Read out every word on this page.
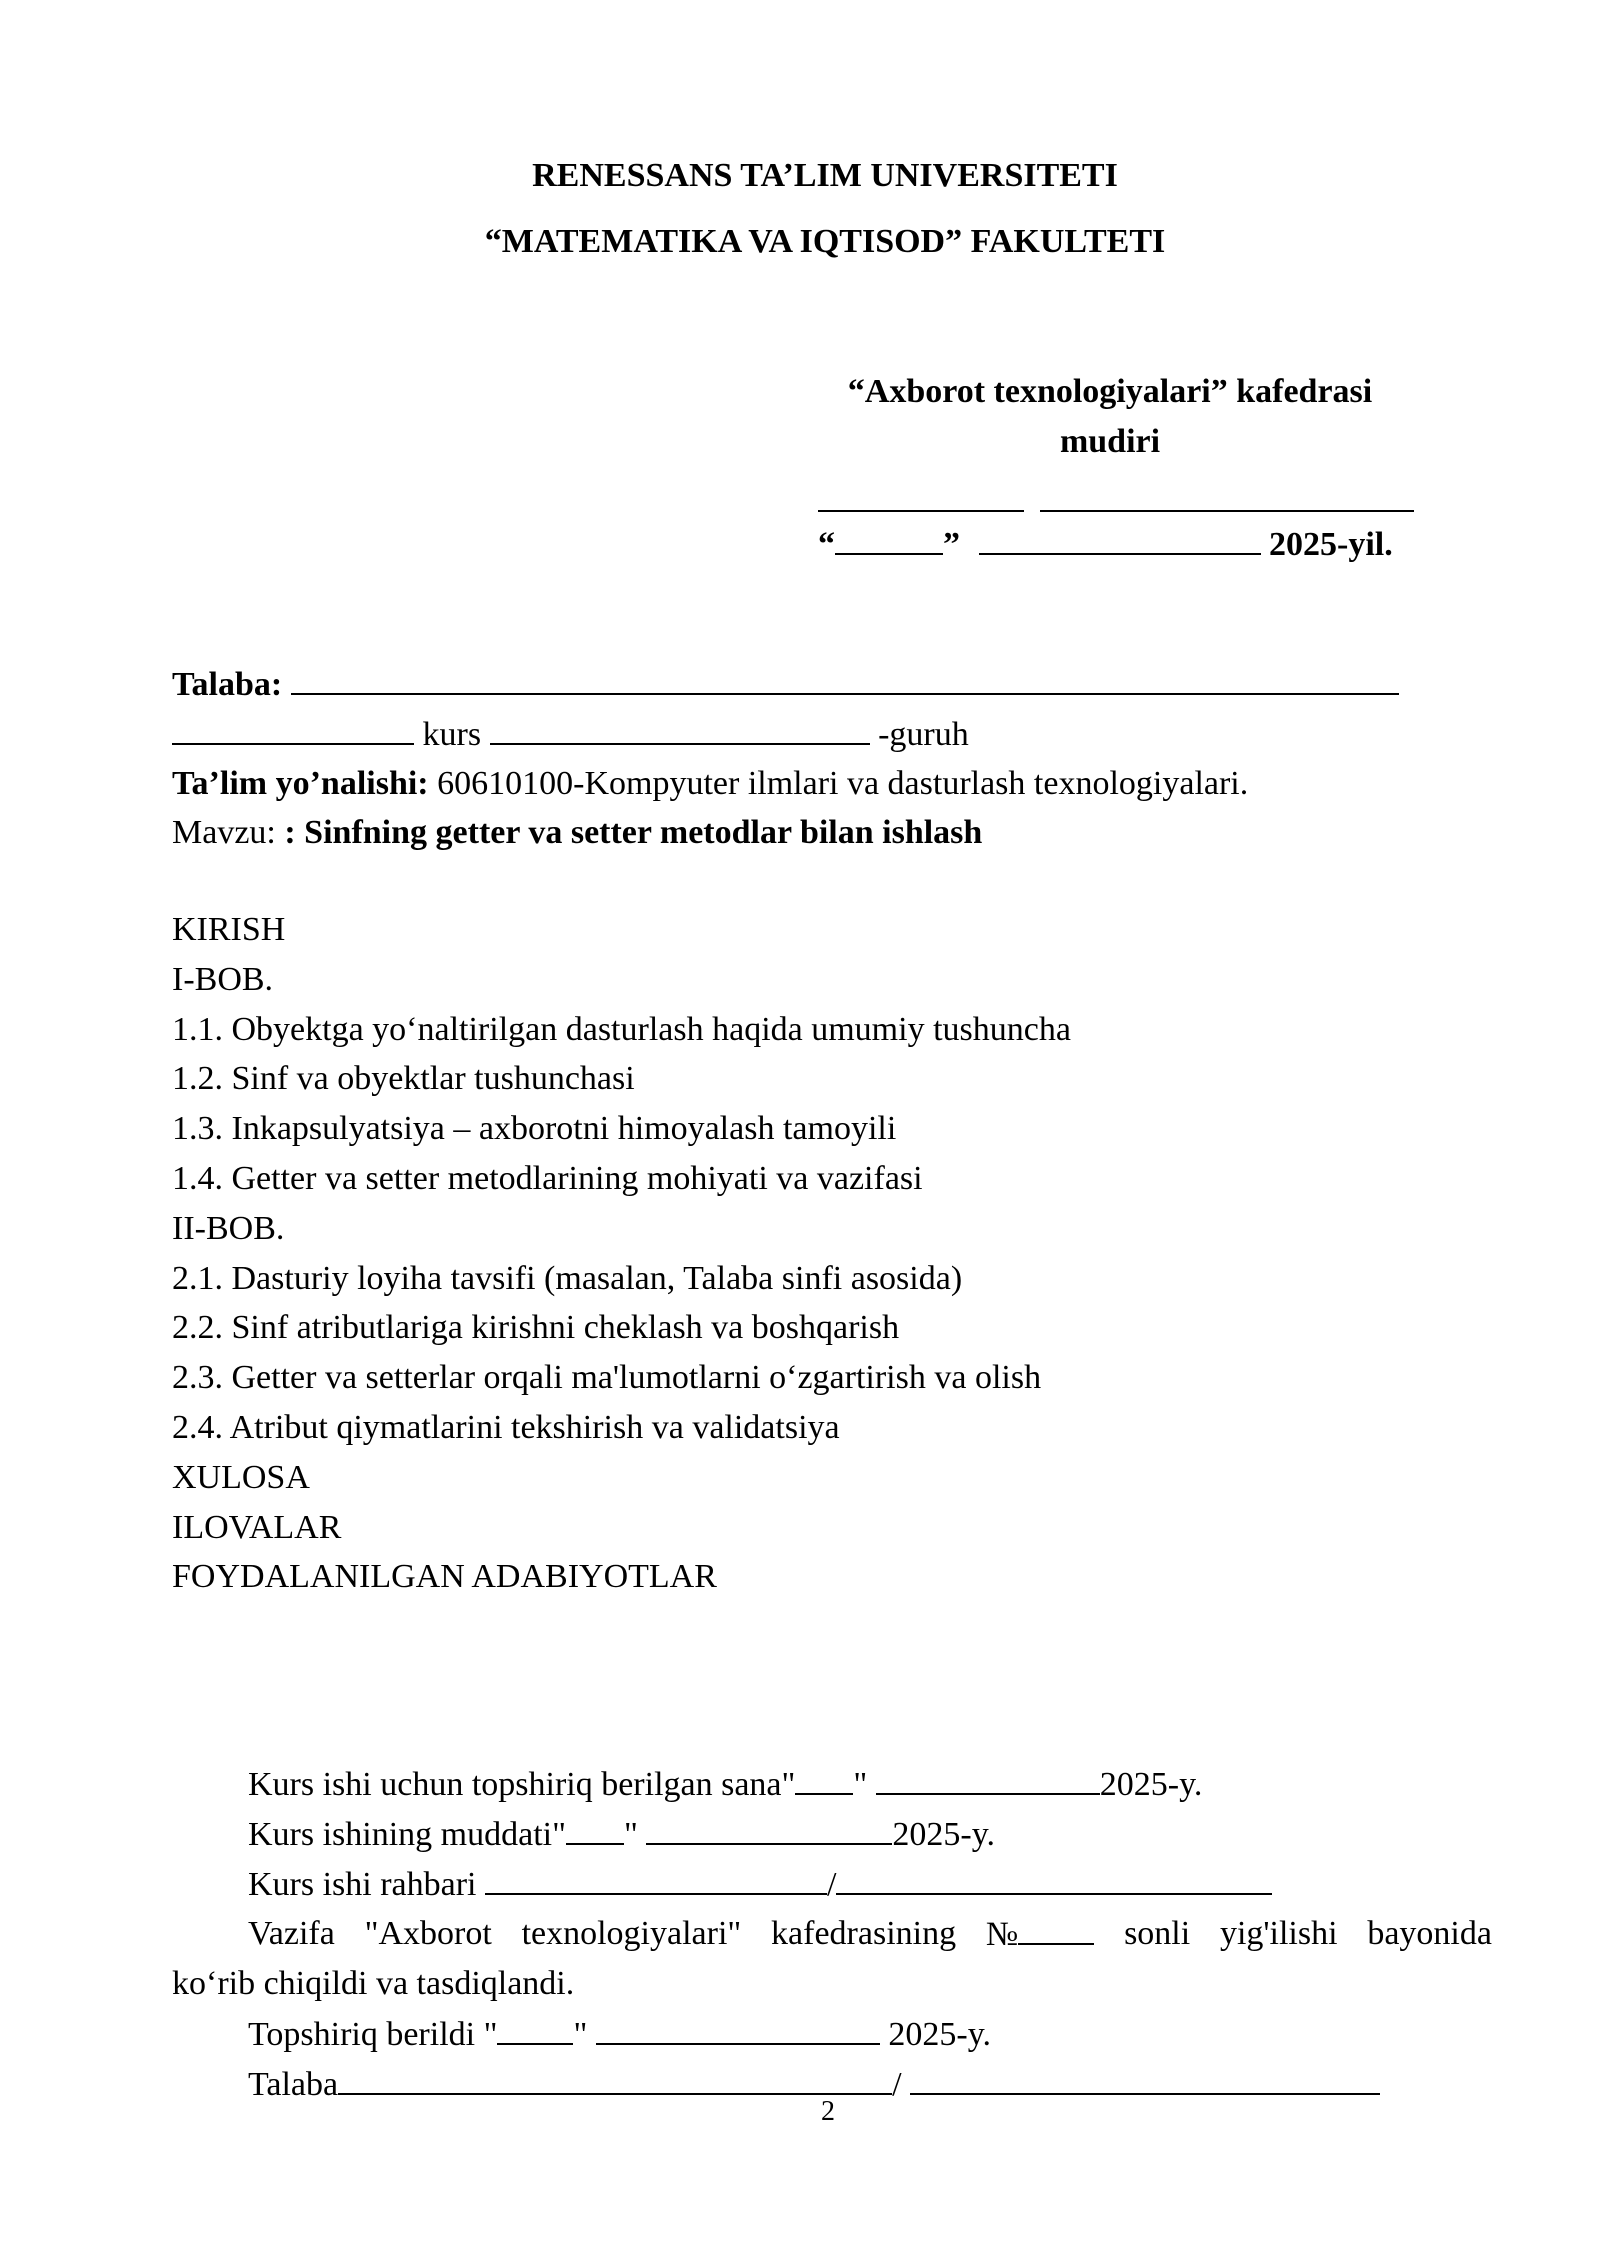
RENESSANS TA’LIM UNIVERSITETI
“MATEMATIKA VA IQTISOD” FAKULTETI
“Axborot texnologiyalari” kafedrasi
mudiri
“	”	2025-yil.
Talaba:
kurs	-guruh
Ta’lim yo’nalishi: 60610100-Kompyuter ilmlari va dasturlash texnologiyalari.
Mavzu: : Sinfning getter va setter metodlar bilan ishlash
KIRISH
I-BOB.
1.1. Obyektga yo‘naltirilgan dasturlash haqida umumiy tushuncha
1.2. Sinf va obyektlar tushunchasi
1.3. Inkapsulyatsiya – axborotni himoyalash tamoyili
1.4. Getter va setter metodlarining mohiyati va vazifasi
II-BOB.
2.1. Dasturiy loyiha tavsifi (masalan, Talaba sinfi asosida)
2.2. Sinf atributlariga kirishni cheklash va boshqarish
2.3. Getter va setterlar orqali ma'lumotlarni o‘zgartirish va olish
2.4. Atribut qiymatlarini tekshirish va validatsiya
XULOSA
ILOVALAR
FOYDALANILGAN ADABIYOTLAR
Kurs ishi uchun topshiriq berilgan sana" "	2025-y.
Kurs ishining muddati" "	2025-y.
Kurs ishi rahbari	/
Vazifa "Axborot texnologiyalari" kafedrasining №	sonli yig'ilishi bayonida
ko‘rib chiqildi va tasdiqlandi.
Topshiriq berildi " "	2025-y.
Talaba	/
2
